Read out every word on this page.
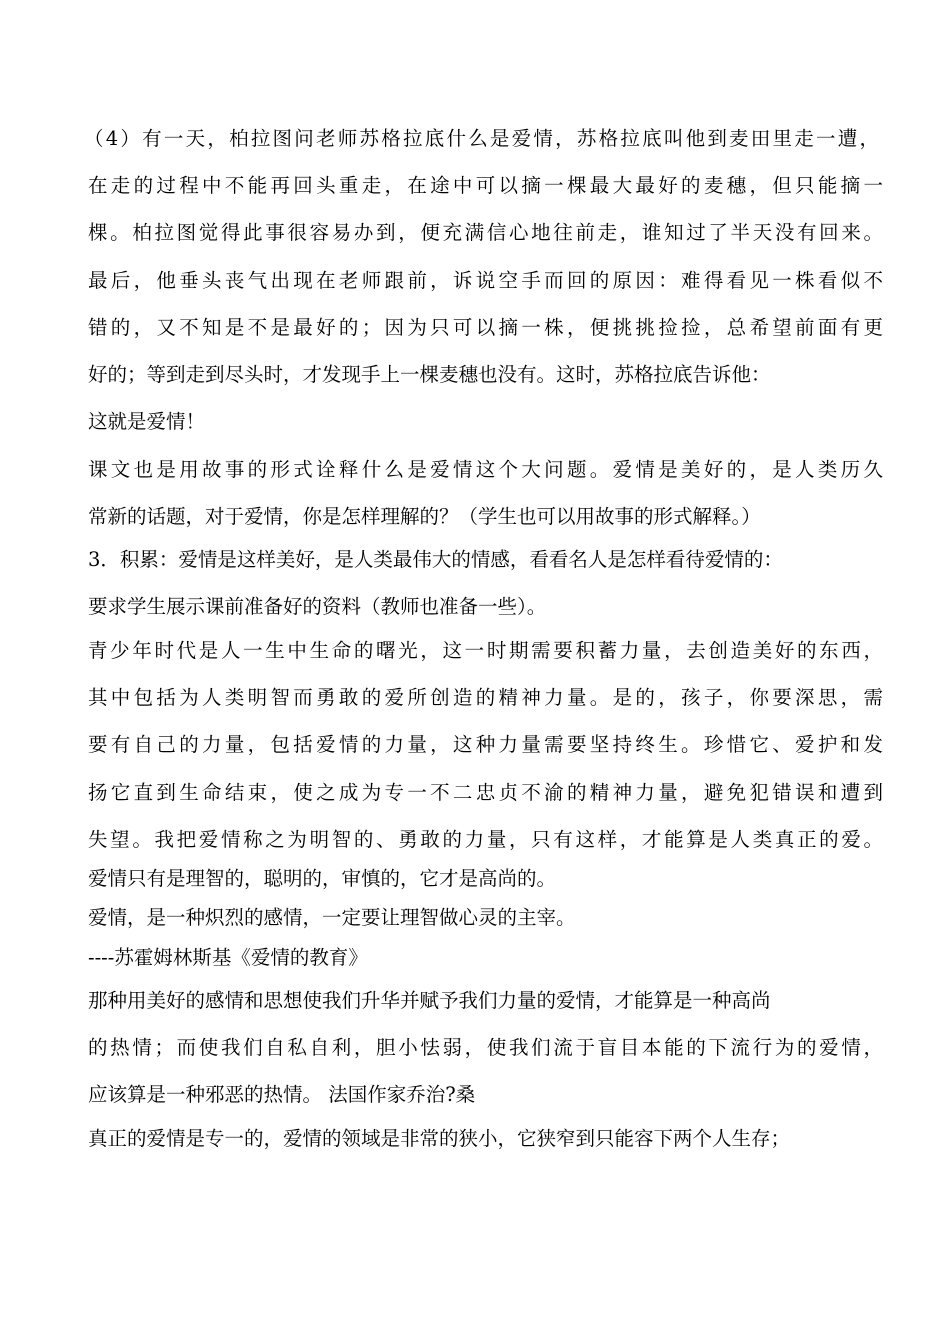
（4）有一天，柏拉图问老师苏格拉底什么是爱情，苏格拉底叫他到麦田里走一遭，

在走的过程中不能再回头重走，在途中可以摘一棵最大最好的麦穗，但只能摘一

棵。柏拉图觉得此事很容易办到，便充满信心地往前走，谁知过了半天没有回来。

最后，他垂头丧气出现在老师跟前，诉说空手而回的原因：难得看见一株看似不

错的，又不知是不是最好的；因为只可以摘一株，便挑挑捡捡，总希望前面有更

好的；等到走到尽头时，才发现手上一棵麦穗也没有。这时，苏格拉底告诉他：

这就是爱情！

课文也是用故事的形式诠释什么是爱情这个大问题。爱情是美好的，是人类历久

常新的话题，对于爱情，你是怎样理解的？（学生也可以用故事的形式解释。）

3．积累：爱情是这样美好，是人类最伟大的情感，看看名人是怎样看待爱情的：

要求学生展示课前准备好的资料（教师也准备一些）。

青少年时代是人一生中生命的曙光，这一时期需要积蓄力量，去创造美好的东西，

其中包括为人类明智而勇敢的爱所创造的精神力量。是的，孩子，你要深思，需

要有自己的力量，包括爱情的力量，这种力量需要坚持终生。珍惜它、爱护和发

扬它直到生命结束，使之成为专一不二忠贞不渝的精神力量，避免犯错误和遭到

失望。我把爱情称之为明智的、勇敢的力量，只有这样，才能算是人类真正的爱。

爱情只有是理智的，聪明的，审慎的，它才是高尚的。

爱情，是一种炽烈的感情，一定要让理智做心灵的主宰。

----苏霍姆林斯基《爱情的教育》

那种用美好的感情和思想使我们升华并赋予我们力量的爱情，才能算是一种高尚

的热情；而使我们自私自利，胆小怯弱，使我们流于盲目本能的下流行为的爱情，

应该算是一种邪恶的热情。 法国作家乔治?桑

真正的爱情是专一的，爱情的领域是非常的狭小，它狭窄到只能容下两个人生存；
